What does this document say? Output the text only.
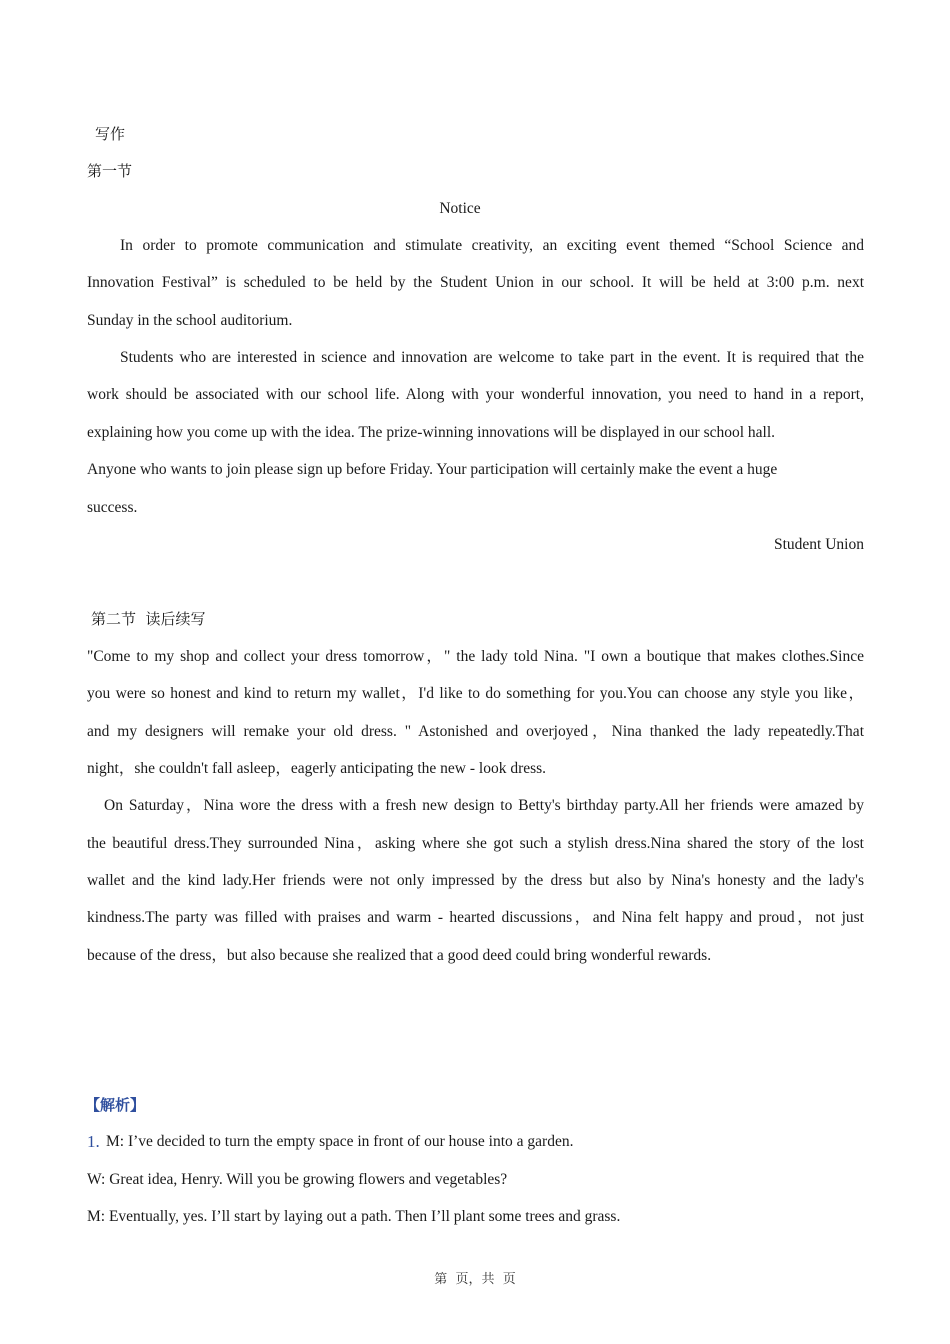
写作
第一节
Notice
In order to promote communication and stimulate creativity, an exciting event themed “School Science and
Innovation Festival” is scheduled to be held by the Student Union in our school. It will be held at 3:00 p.m. next
Sunday in the school auditorium.
Students who are interested in science and innovation are welcome to take part in the event. It is required that the
work should be associated with our school life. Along with your wonderful innovation, you need to hand in a report,
explaining how you come up with the idea. The prize-winning innovations will be displayed in our school hall.
Anyone who wants to join please sign up before Friday. Your participation will certainly make the event a huge
success.
Student Union
第二节  读后续写
"Come to my shop and collect your dress tomorrow，" the lady told Nina. "I own a boutique that makes clothes.Since
you were so honest and kind to return my wallet，I'd like to do something for you.You can choose any style you like，
and my designers will remake your old dress. " Astonished and overjoyed，Nina thanked the lady repeatedly.That
night，she couldn't fall asleep，eagerly anticipating the new - look dress.
On Saturday，Nina wore the dress with a fresh new design to Betty's birthday party.All her friends were amazed by
the beautiful dress.They surrounded Nina，asking where she got such a stylish dress.Nina shared the story of the lost
wallet and the kind lady.Her friends were not only impressed by the dress but also by Nina's honesty and the lady's
kindness.The party was filled with praises and warm - hearted discussions，and Nina felt happy and proud，not just
because of the dress，but also because she realized that a good deed could bring wonderful rewards.
【解析】
1. M: I’ve decided to turn the empty space in front of our house into a garden.
W: Great idea, Henry. Will you be growing flowers and vegetables?
M: Eventually, yes. I’ll start by laying out a path. Then I’ll plant some trees and grass.
第  页，共  页
